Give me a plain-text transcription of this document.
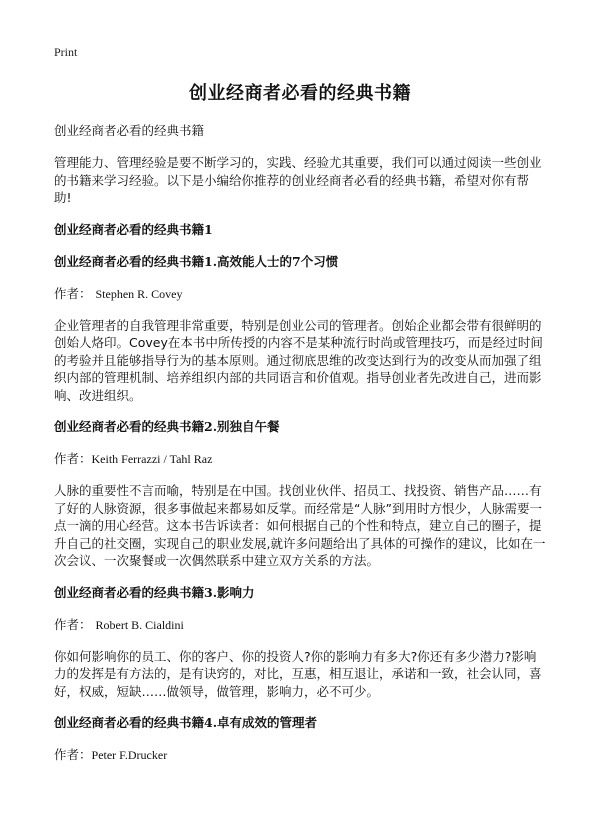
Print
创业经商者必看的经典书籍
创业经商者必看的经典书籍
管理能力、管理经验是要不断学习的，实践、经验尤其重要，我们可以通过阅读一些创业的书籍来学习经验。以下是小编给你推荐的创业经商者必看的经典书籍，希望对你有帮助!
创业经商者必看的经典书籍1
创业经商者必看的经典书籍1.高效能人士的7个习惯
作者： Stephen R. Covey
企业管理者的自我管理非常重要，特别是创业公司的管理者。创始企业都会带有很鲜明的创始人烙印。Covey在本书中所传授的内容不是某种流行时尚或管理技巧，而是经过时间的考验并且能够指导行为的基本原则。通过彻底思维的改变达到行为的改变从而加强了组织内部的管理机制、培养组织内部的共同语言和价值观。指导创业者先改进自己，进而影响、改进组织。
创业经商者必看的经典书籍2.别独自午餐
作者：Keith Ferrazzi / Tahl Raz
人脉的重要性不言而喻，特别是在中国。找创业伙伴、招员工、找投资、销售产品……有了好的人脉资源，很多事做起来都易如反掌。而经常是“人脉”到用时方恨少，人脉需要一点一滴的用心经营。这本书告诉读者：如何根据自己的个性和特点，建立自己的圈子，提升自己的社交圈，实现自己的职业发展,就许多问题给出了具体的可操作的建议，比如在一次会议、一次聚餐或一次偶然联系中建立双方关系的方法。
创业经商者必看的经典书籍3.影响力
作者： Robert B. Cialdini
你如何影响你的员工、你的客户、你的投资人?你的影响力有多大?你还有多少潜力?影响力的发挥是有方法的，是有诀窍的，对比，互惠，相互退让，承诺和一致，社会认同，喜好，权威，短缺……做领导，做管理，影响力，必不可少。
创业经商者必看的经典书籍4.卓有成效的管理者
作者：Peter F.Drucker
